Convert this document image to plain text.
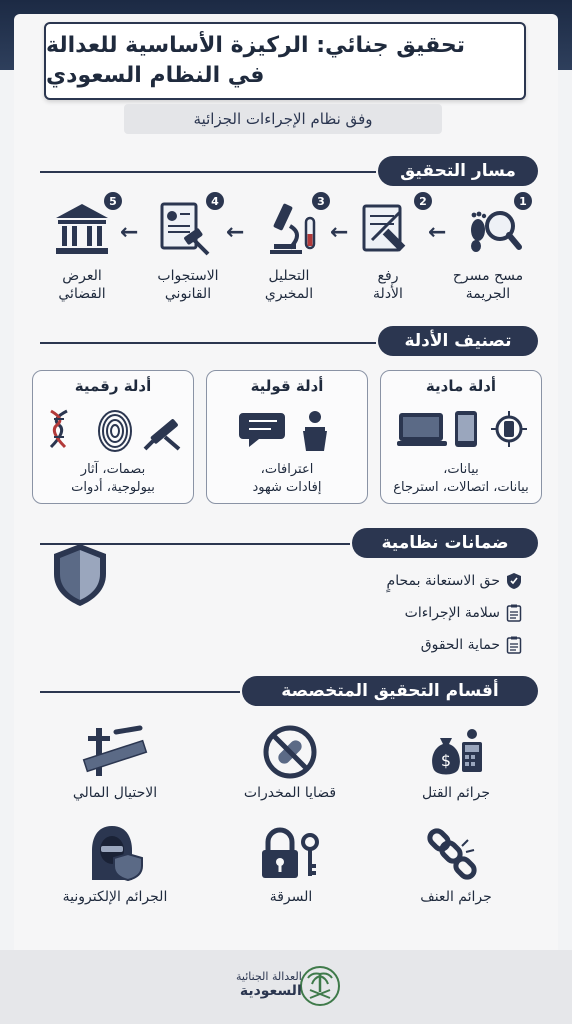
تحقيق جنائي: الركيزة الأساسية للعدالة
في النظام السعودي
وفق نظام الإجراءات الجزائية
مسار التحقيق
1
مسح مسرح
الجريمة
←
2
رفع
الأدلة
←
3
التحليل
المخبري
←
4
الاستجواب
القانوني
←
5
العرض
القضائي
تصنيف الأدلة
أدلة مادية
بيانات،
بيانات، اتصالات، استرجاع
أدلة قولية
اعترافات،
إفادات شهود
أدلة رقمية
بصمات، آثار
بيولوجية، أدوات
ضمانات نظامية
حق الاستعانة بمحامٍ
سلامة الإجراءات
حماية الحقوق
أقسام التحقيق المتخصصة
$
جرائم القتل
قضايا المخدرات
الاحتيال المالي
جرائم العنف
السرقة
الجرائم الإلكترونية
العدالة الجنائية
السعودية
